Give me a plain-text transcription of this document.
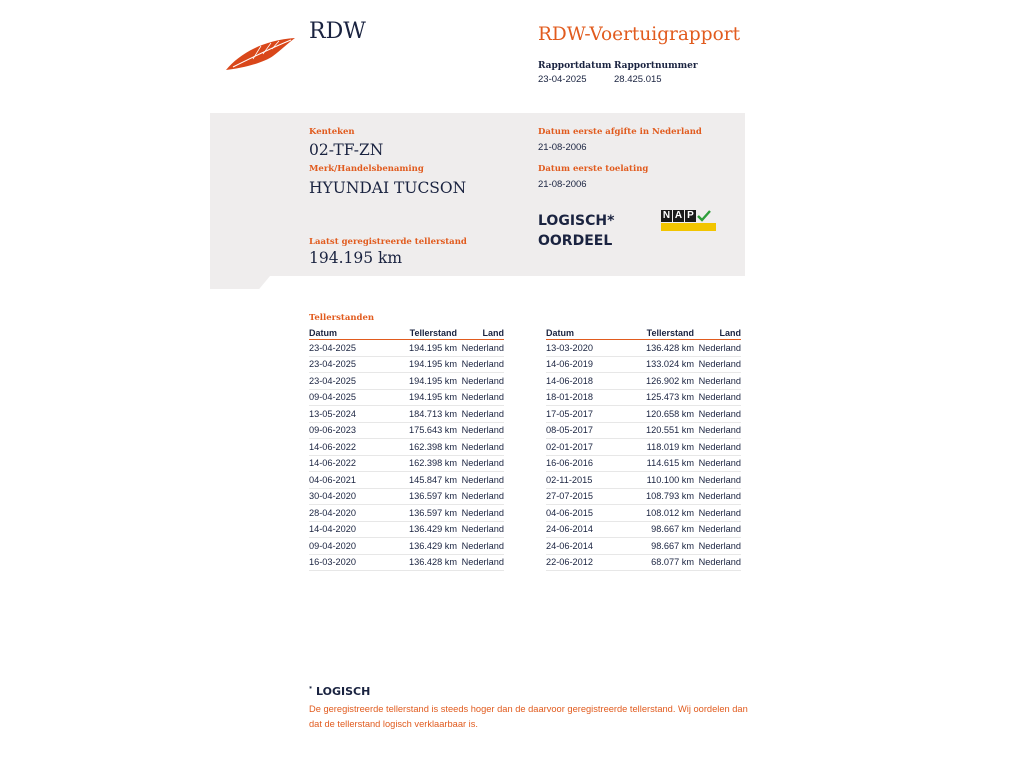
RDW	RDW-Voertuigrapport
Rapportdatum
23-04-2025
Rapportnummer
28.425.015
Kenteken
02-TF-ZN
Merk/Handelsbenaming
HYUNDAI TUCSON
Laatst geregistreerde tellerstand
194.195 km
Datum eerste afgifte in Nederland
21-08-2006
Datum eerste toelating
21-08-2006
LOGISCH*
OORDEEL
N A P
Tellerstanden
Datum	Tellerstand	Land
23-04-2025	194.195 km	Nederland
23-04-2025	194.195 km	Nederland
23-04-2025	194.195 km	Nederland
09-04-2025	194.195 km	Nederland
13-05-2024	184.713 km	Nederland
09-06-2023	175.643 km	Nederland
14-06-2022	162.398 km	Nederland
14-06-2022	162.398 km	Nederland
04-06-2021	145.847 km	Nederland
30-04-2020	136.597 km	Nederland
28-04-2020	136.597 km	Nederland
14-04-2020	136.429 km	Nederland
09-04-2020	136.429 km	Nederland
16-03-2020	136.428 km	Nederland
Datum	Tellerstand	Land
13-03-2020	136.428 km	Nederland
14-06-2019	133.024 km	Nederland
14-06-2018	126.902 km	Nederland
18-01-2018	125.473 km	Nederland
17-05-2017	120.658 km	Nederland
08-05-2017	120.551 km	Nederland
02-01-2017	118.019 km	Nederland
16-06-2016	114.615 km	Nederland
02-11-2015	110.100 km	Nederland
27-07-2015	108.793 km	Nederland
04-06-2015	108.012 km	Nederland
24-06-2014	98.667 km	Nederland
24-06-2014	98.667 km	Nederland
22-06-2012	68.077 km	Nederland
* LOGISCH
De geregistreerde tellerstand is steeds hoger dan de daarvoor geregistreerde tellerstand. Wij oordelen dan dat de tellerstand logisch verklaarbaar is.
